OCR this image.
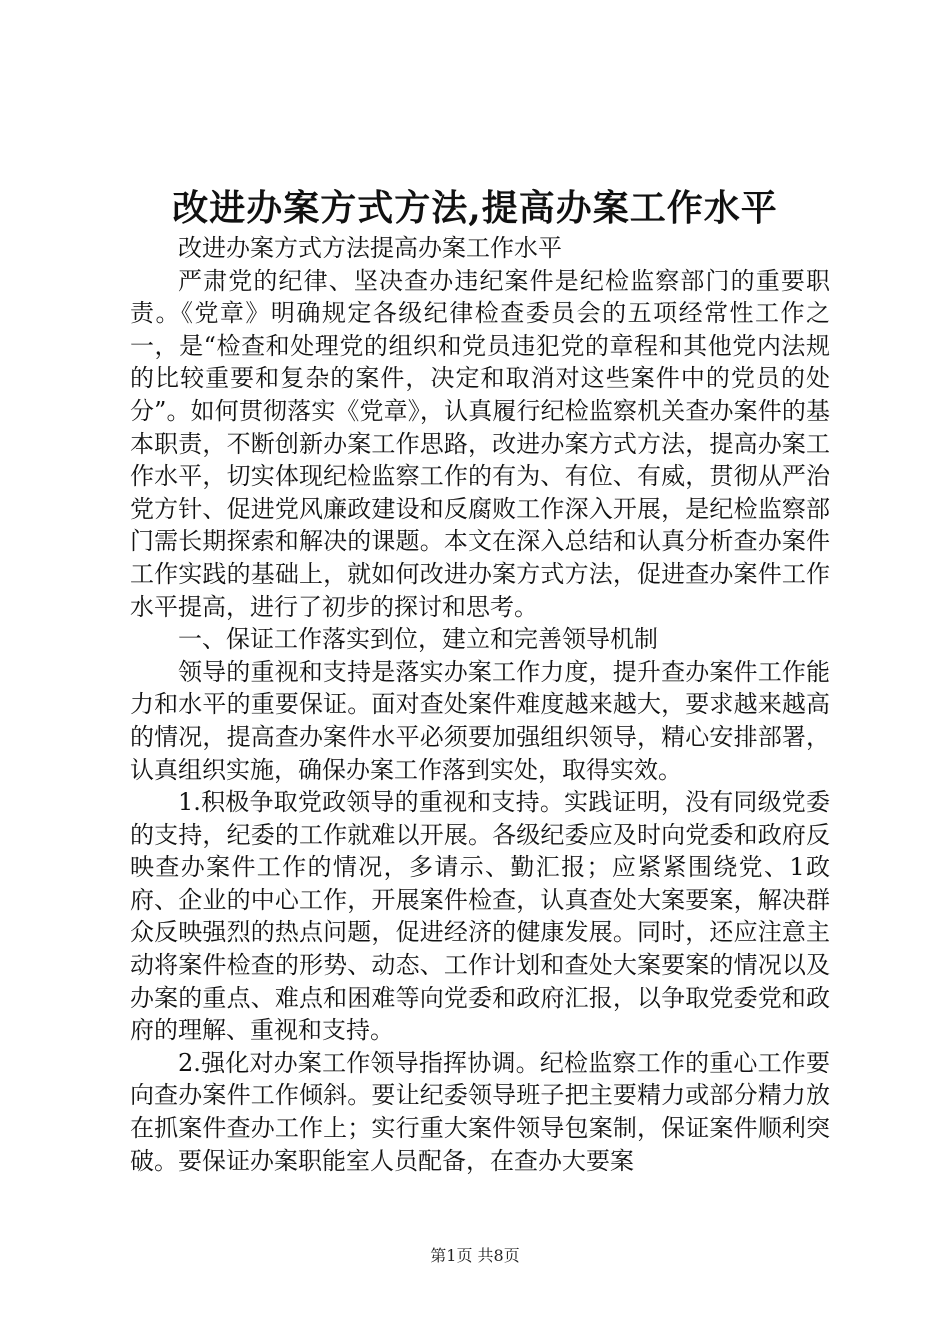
改进办案方式方法,提高办案工作水平

改进办案方式方法提高办案工作水平

严肃党的纪律、坚决查办违纪案件是纪检监察部门的重要职责。《党章》明确规定各级纪律检查委员会的五项经常性工作之一，是“检查和处理党的组织和党员违犯党的章程和其他党内法规的比较重要和复杂的案件，决定和取消对这些案件中的党员的处分”。如何贯彻落实《党章》，认真履行纪检监察机关查办案件的基本职责，不断创新办案工作思路，改进办案方式方法，提高办案工作水平，切实体现纪检监察工作的有为、有位、有威，贯彻从严治党方针、促进党风廉政建设和反腐败工作深入开展，是纪检监察部门需长期探索和解决的课题。本文在深入总结和认真分析查办案件工作实践的基础上，就如何改进办案方式方法，促进查办案件工作水平提高，进行了初步的探讨和思考。

一、保证工作落实到位，建立和完善领导机制

领导的重视和支持是落实办案工作力度，提升查办案件工作能力和水平的重要保证。面对查处案件难度越来越大，要求越来越高的情况，提高查办案件水平必须要加强组织领导，精心安排部署，认真组织实施，确保办案工作落到实处，取得实效。

1.积极争取党政领导的重视和支持。实践证明，没有同级党委的支持，纪委的工作就难以开展。各级纪委应及时向党委和政府反映查办案件工作的情况，多请示、勤汇报；应紧紧围绕党、1政府、企业的中心工作，开展案件检查，认真查处大案要案，解决群众反映强烈的热点问题，促进经济的健康发展。同时，还应注意主动将案件检查的形势、动态、工作计划和查处大案要案的情况以及办案的重点、难点和困难等向党委和政府汇报，以争取党委党和政府的理解、重视和支持。

2.强化对办案工作领导指挥协调。纪检监察工作的重心工作要向查办案件工作倾斜。要让纪委领导班子把主要精力或部分精力放在抓案件查办工作上；实行重大案件领导包案制，保证案件顺利突破。要保证办案职能室人员配备，在查办大要案

第1页 共8页
